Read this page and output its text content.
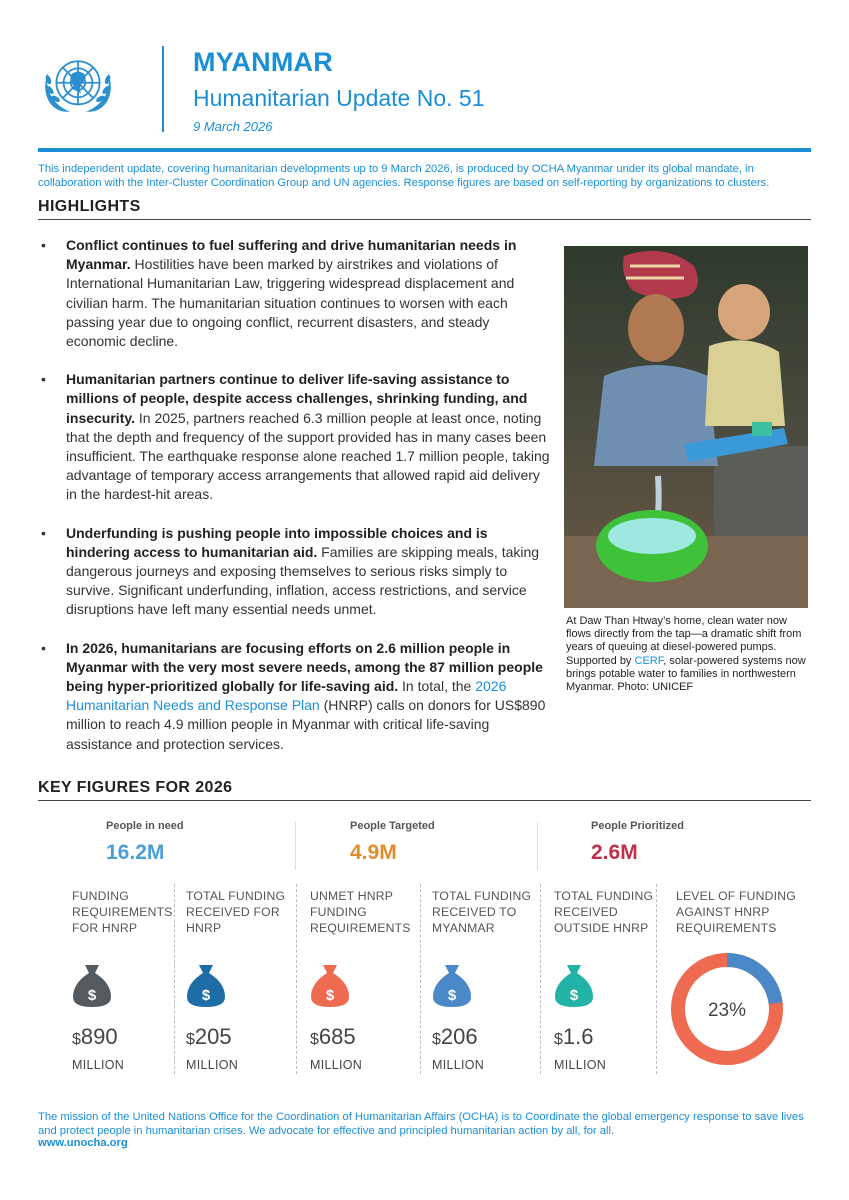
MYANMAR
Humanitarian Update No. 51
9 March 2026

This independent update, covering humanitarian developments up to 9 March 2026, is produced by OCHA Myanmar under its global mandate, in collaboration with the Inter-Cluster Coordination Group and UN agencies. Response figures are based on self-reporting by organizations to clusters.

HIGHLIGHTS
• Conflict continues to fuel suffering and drive humanitarian needs in Myanmar. Hostilities have been marked by airstrikes and violations of International Humanitarian Law, triggering widespread displacement and civilian harm. The humanitarian situation continues to worsen with each passing year due to ongoing conflict, recurrent disasters, and steady economic decline.
• Humanitarian partners continue to deliver life-saving assistance to millions of people, despite access challenges, shrinking funding, and insecurity. In 2025, partners reached 6.3 million people at least once, noting that the depth and frequency of the support provided has in many cases been insufficient. The earthquake response alone reached 1.7 million people, taking advantage of temporary access arrangements that allowed rapid aid delivery in the hardest-hit areas.
• Underfunding is pushing people into impossible choices and is hindering access to humanitarian aid. Families are skipping meals, taking dangerous journeys and exposing themselves to serious risks simply to survive. Significant underfunding, inflation, access restrictions, and service disruptions have left many essential needs unmet.
• In 2026, humanitarians are focusing efforts on 2.6 million people in Myanmar with the very most severe needs, among the 87 million people being hyper-prioritized globally for life-saving aid. In total, the 2026 Humanitarian Needs and Response Plan (HNRP) calls on donors for US$890 million to reach 4.9 million people in Myanmar with critical life-saving assistance and protection services.

At Daw Than Htway’s home, clean water now flows directly from the tap—a dramatic shift from years of queuing at diesel-powered pumps. Supported by CERF, solar-powered systems now brings potable water to families in northwestern Myanmar. Photo: UNICEF

KEY FIGURES FOR 2026
People in need
16.2M
People Targeted
4.9M
People Prioritized
2.6M
FUNDING REQUIREMENTS FOR HNRP
$
$890
MILLION
TOTAL FUNDING RECEIVED FOR HNRP
$
$205
MILLION
UNMET HNRP FUNDING REQUIREMENTS
$
$685
MILLION
TOTAL FUNDING RECEIVED TO MYANMAR
$
$206
MILLION
TOTAL FUNDING RECEIVED OUTSIDE HNRP
$
$1.6
MILLION
LEVEL OF FUNDING AGAINST HNRP REQUIREMENTS
23%

The mission of the United Nations Office for the Coordination of Humanitarian Affairs (OCHA) is to Coordinate the global emergency response to save lives and protect people in humanitarian crises. We advocate for effective and principled humanitarian action by all, for all.

www.unocha.org
